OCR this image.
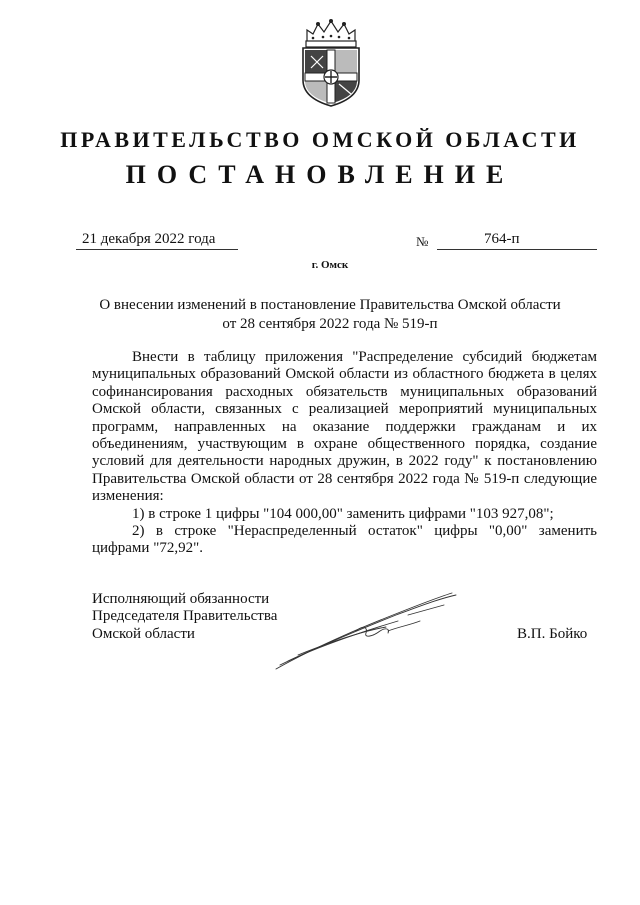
ПРАВИТЕЛЬСТВО ОМСКОЙ ОБЛАСТИ
ПОСТАНОВЛЕНИЕ
21 декабря 2022 года	№	764-п
г. Омск
О внесении изменений в постановление Правительства Омской области
от 28 сентября 2022 года № 519-п

Внести в таблицу приложения "Распределение субсидий бюджетам муниципальных образований Омской области из областного бюджета в целях софинансирования расходных обязательств муниципальных образований Омской области, связанных с реализацией мероприятий муниципальных программ, направленных на оказание поддержки гражданам и их объединениям, участвующим в охране общественного порядка, создание условий для деятельности народных дружин, в 2022 году" к постановлению Правительства Омской области от 28 сентября 2022 года № 519-п следующие изменения:

1) в строке 1 цифры "104 000,00" заменить цифрами "103 927,08";

2) в строке "Нераспределенный остаток" цифры "0,00" заменить цифрами "72,92".

Исполняющий обязанности
Председателя Правительства
Омской области	В.П. Бойко
